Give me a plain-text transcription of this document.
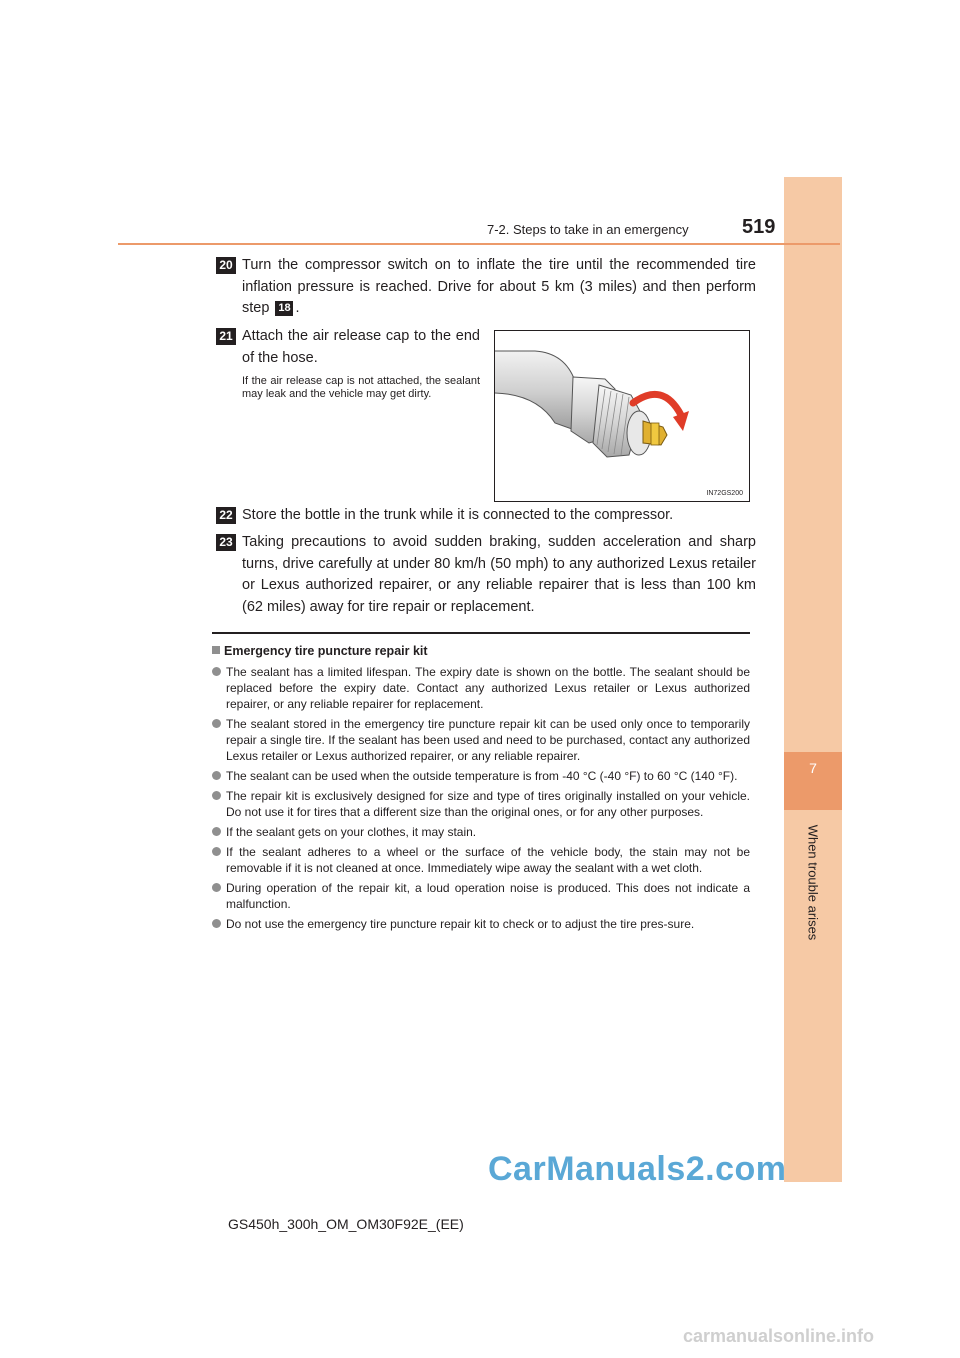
7
When trouble arises
7-2. Steps to take in an emergency	519
20 Turn the compressor switch on to inflate the tire until the recommended tire inflation pressure is reached. Drive for about 5 km (3 miles) and then perform step 18 .
21 Attach the air release cap to the end of the hose.
If the air release cap is not attached, the sealant may leak and the vehicle may get dirty.
IN72GS200
22 Store the bottle in the trunk while it is connected to the compressor.
23 Taking precautions to avoid sudden braking, sudden acceleration and sharp turns, drive carefully at under 80 km/h (50 mph) to any authorized Lexus retailer or Lexus authorized repairer, or any reliable repairer that is less than 100 km (62 miles) away for tire repair or replacement.
Emergency tire puncture repair kit
The sealant has a limited lifespan. The expiry date is shown on the bottle. The sealant should be replaced before the expiry date. Contact any authorized Lexus retailer or Lexus authorized repairer, or any reliable repairer for replacement.
The sealant stored in the emergency tire puncture repair kit can be used only once to temporarily repair a single tire. If the sealant has been used and need to be purchased, contact any authorized Lexus retailer or Lexus authorized repairer, or any reliable repairer.
The sealant can be used when the outside temperature is from -40 °C (-40 °F) to 60 °C (140 °F).
The repair kit is exclusively designed for size and type of tires originally installed on your vehicle. Do not use it for tires that a different size than the original ones, or for any other purposes.
If the sealant gets on your clothes, it may stain.
If the sealant adheres to a wheel or the surface of the vehicle body, the stain may not be removable if it is not cleaned at once. Immediately wipe away the sealant with a wet cloth.
During operation of the repair kit, a loud operation noise is produced. This does not indicate a malfunction.
Do not use the emergency tire puncture repair kit to check or to adjust the tire pres-sure.
CarManuals2.com
GS450h_300h_OM_OM30F92E_(EE)
carmanualsonline.info
